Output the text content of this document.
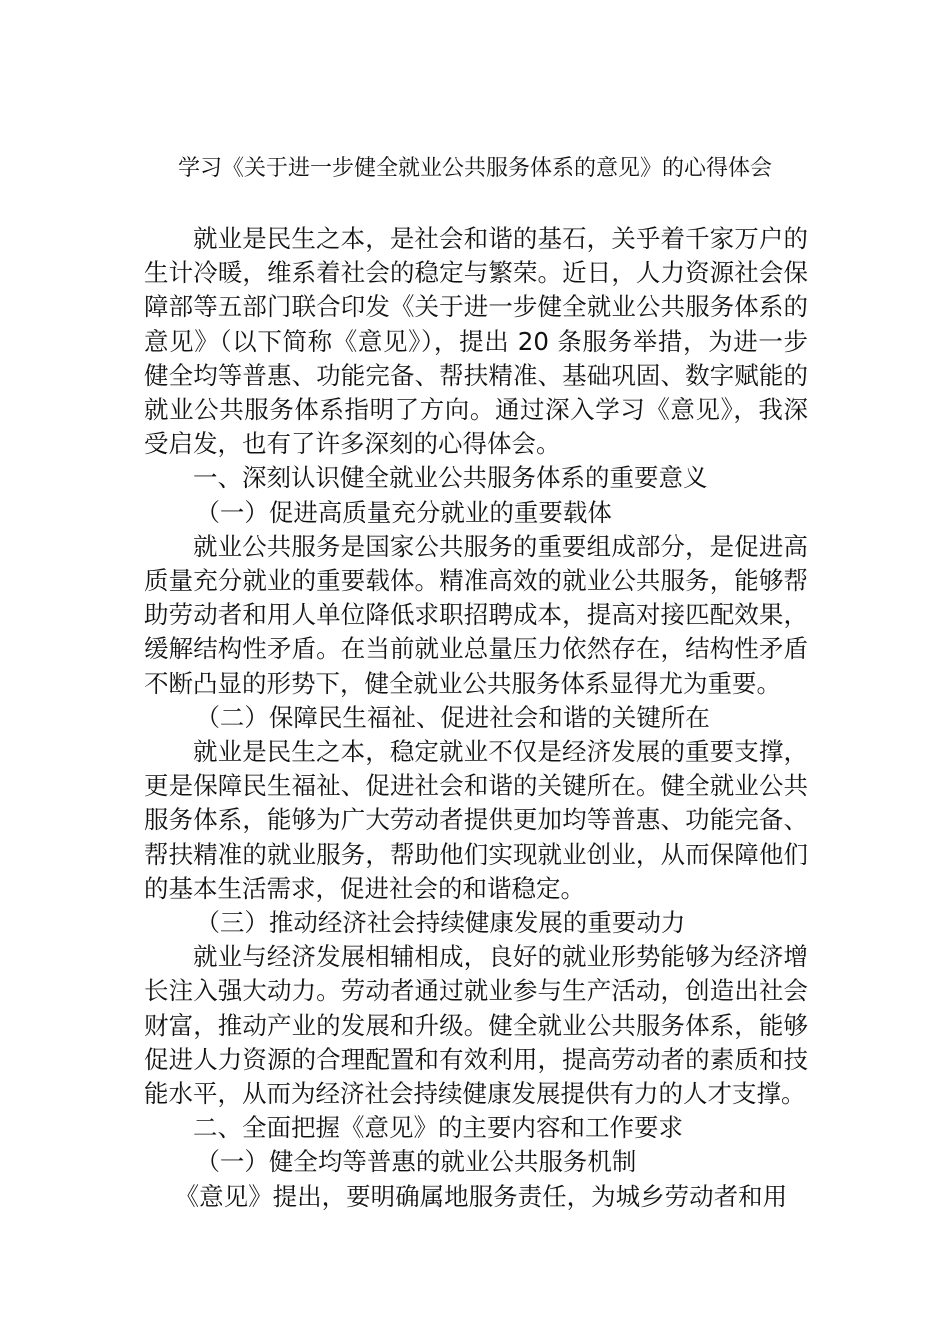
学习《关于进一步健全就业公共服务体系的意见》的心得体会

就业是民生之本，是社会和谐的基石，关乎着千家万户的生计冷暖，维系着社会的稳定与繁荣。近日，人力资源社会保障部等五部门联合印发《关于进一步健全就业公共服务体系的意见》（以下简称《意见》），提出 20 条服务举措，为进一步健全均等普惠、功能完备、帮扶精准、基础巩固、数字赋能的就业公共服务体系指明了方向。通过深入学习《意见》，我深受启发，也有了许多深刻的心得体会。

一、深刻认识健全就业公共服务体系的重要意义

（一）促进高质量充分就业的重要载体

就业公共服务是国家公共服务的重要组成部分，是促进高质量充分就业的重要载体。精准高效的就业公共服务，能够帮助劳动者和用人单位降低求职招聘成本，提高对接匹配效果，缓解结构性矛盾。在当前就业总量压力依然存在，结构性矛盾不断凸显的形势下，健全就业公共服务体系显得尤为重要。

（二）保障民生福祉、促进社会和谐的关键所在

就业是民生之本，稳定就业不仅是经济发展的重要支撑，更是保障民生福祉、促进社会和谐的关键所在。健全就业公共服务体系，能够为广大劳动者提供更加均等普惠、功能完备、帮扶精准的就业服务，帮助他们实现就业创业，从而保障他们的基本生活需求，促进社会的和谐稳定。

（三）推动经济社会持续健康发展的重要动力

就业与经济发展相辅相成，良好的就业形势能够为经济增长注入强大动力。劳动者通过就业参与生产活动，创造出社会财富，推动产业的发展和升级。健全就业公共服务体系，能够促进人力资源的合理配置和有效利用，提高劳动者的素质和技能水平，从而为经济社会持续健康发展提供有力的人才支撑。

二、全面把握《意见》的主要内容和工作要求

（一）健全均等普惠的就业公共服务机制

《意见》提出，要明确属地服务责任，为城乡劳动者和用
